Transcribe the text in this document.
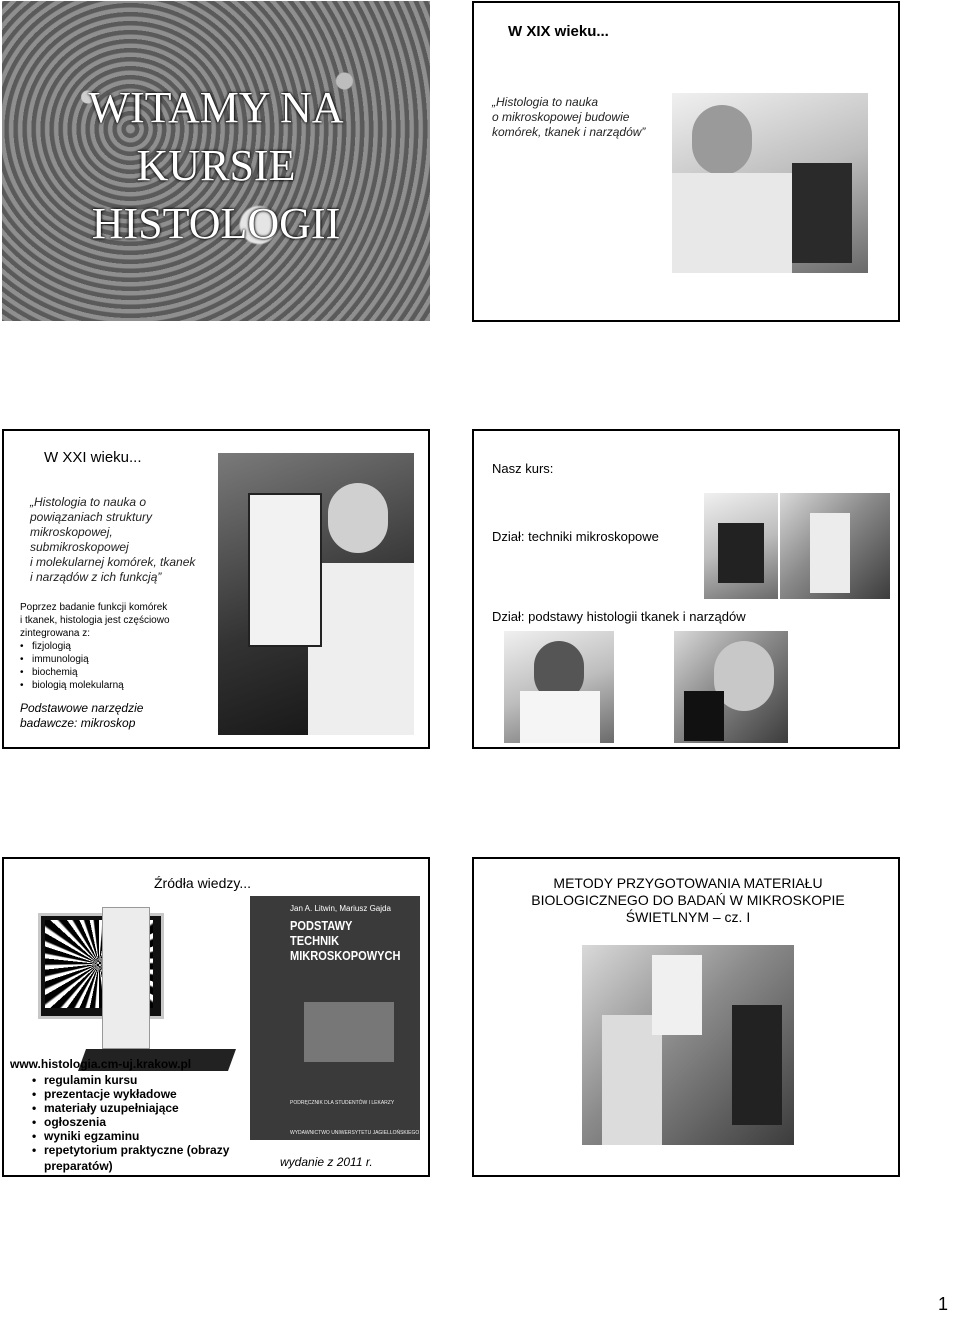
WITAMY NA
KURSIE
HISTOLOGII
W XIX wieku...
„Histologia to nauka
o mikroskopowej budowie
komórek, tkanek i narządów”
W XXI wieku...
„Histologia to nauka o
powiązaniach struktury
mikroskopowej,
submikroskopowej
i molekularnej komórek, tkanek
i narządów z ich funkcją”
Poprzez badanie funkcji komórek
i tkanek, histologia jest częściowo
zintegrowana z:
• fizjologią
• immunologią
• biochemią
• biologią molekularną
Podstawowe narzędzie
badawcze: mikroskop
Nasz kurs:
Dział: techniki mikroskopowe
Dział: podstawy histologii tkanek i narządów
Źródła wiedzy...
Jan A. Litwin, Mariusz Gajda
PODSTAWY
TECHNIK
MIKROSKOPOWYCH
PODRĘCZNIK DLA STUDENTÓW I LEKARZY
WYDAWNICTWO UNIWERSYTETU JAGIELLOŃSKIEGO
www.histologia.cm-uj.krakow.pl
• regulamin kursu
• prezentacje wykładowe
• materiały uzupełniające
• ogłoszenia
• wyniki egzaminu
• repetytorium praktyczne (obrazy
preparatów)	wydanie z 2011 r.
METODY PRZYGOTOWANIA MATERIAŁU
BIOLOGICZNEGO DO BADAŃ W MIKROSKOPIE
ŚWIETLNYM – cz. I
1
